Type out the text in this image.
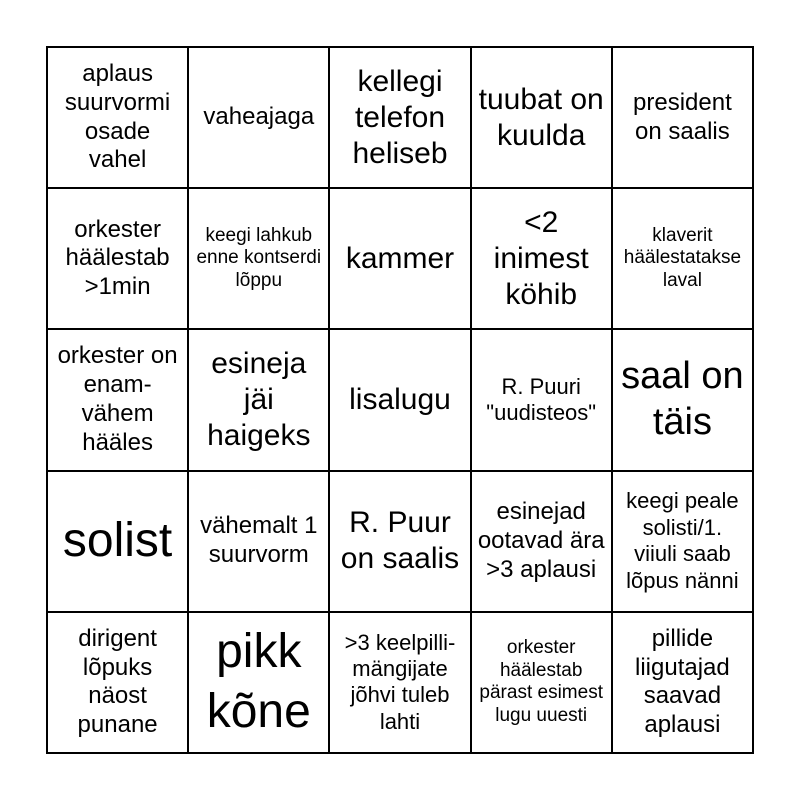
aplaus suurvormi osade vahel
vaheajaga
kellegi telefon heliseb
tuubat on kuulda
president on saalis
orkester häälestab >1min
keegi lahkub enne kontserdi lõppu
kammer
<2 inimest köhib
klaverit häälestatakse laval
orkester on enam-vähem hääles
esineja jäi haigeks
lisalugu	R. Puuri "uudisteos"
saal on täis
solist vähemalt 1 suurvorm
R. Puur on saalis
esinejad ootavad ära >3 aplausi
keegi peale solisti/1. viiuli saab lõpus nänni
dirigent lõpuks näost punane
pikk kõne
>3 keelpilli-mängijate jõhvi tuleb lahti
orkester häälestab pärast esimest lugu uuesti
pillide liigutajad saavad aplausi
